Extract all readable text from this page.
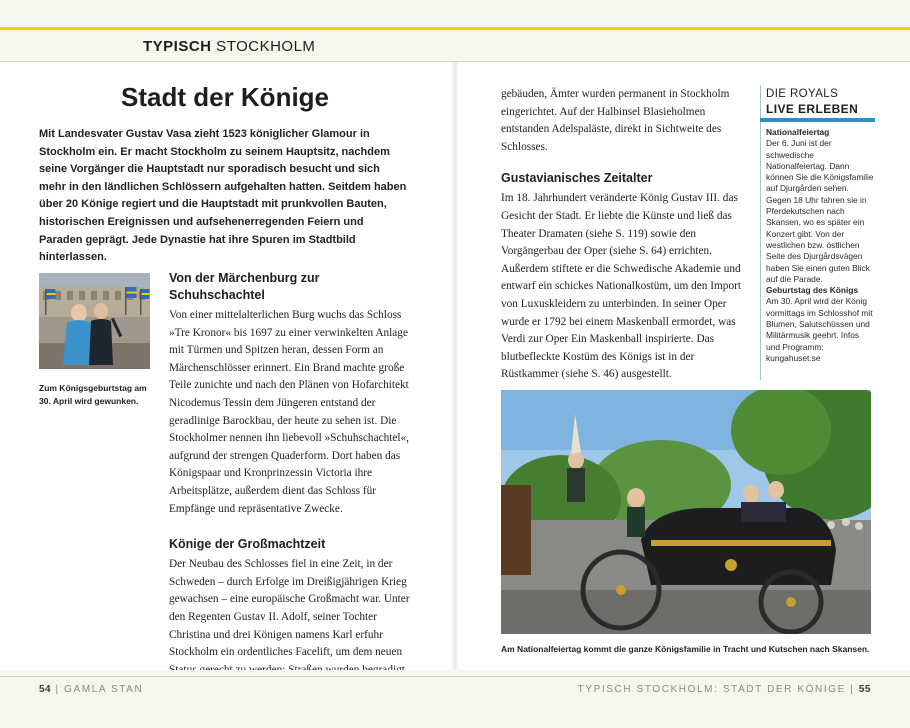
TYPISCH STOCKHOLM
Stadt der Könige

Mit Landesvater Gustav Vasa zieht 1523 königlicher Glamour in Stockholm ein. Er macht Stockholm zu seinem Hauptsitz, nachdem seine Vorgänger die Hauptstadt nur sporadisch besucht und sich mehr in den ländlichen Schlössern aufgehalten hatten. Seitdem haben über 20 Könige regiert und die Hauptstadt mit prunkvollen Bauten, historischen Ereignissen und aufsehenerregenden Feiern und Paraden geprägt. Jede Dynastie hat ihre Spuren im Stadtbild hinterlassen.

Zum Königsgeburtstag am 30. April wird gewunken.

Von der Märchenburg zur Schuhschachtel

Von einer mittelalterlichen Burg wuchs das Schloss »Tre Kronor« bis 1697 zu einer verwinkelten Anlage mit Türmen und Spitzen heran, dessen Form an Märchenschlösser erinnert. Ein Brand machte große Teile zunichte und nach den Plänen von Hofarchitekt Nicodemus Tessin dem Jüngeren entstand der geradlinige Barockbau, der heute zu sehen ist. Die Stockholmer nennen ihn liebevoll »Schuhschachtel«, aufgrund der strengen Quaderform. Dort haben das Königspaar und Kronprinzessin Victoria ihre Arbeitsplätze, außerdem dient das Schloss für Empfänge und repräsentative Zwecke.

Könige der Großmachtzeit

Der Neubau des Schlosses fiel in eine Zeit, in der Schweden – durch Erfolge im Dreißigjährigen Krieg gewachsen – eine europäische Großmacht war. Unter den Regenten Gustav II. Adolf, seiner Tochter Christina und drei Königen namens Karl erfuhr Stockholm ein ordentliches Facelift, um dem neuen

gebäuden, Ämter wurden permanent in Stockholm eingerichtet. Auf der Halbinsel Blasieholmen entstanden Adelspaläste, direkt in Sichtweite des Schlosses.

Gustavianisches Zeitalter

Im 18. Jahrhundert veränderte König Gustav III. das Gesicht der Stadt. Er liebte die Künste und ließ das Theater Dramaten (siehe S. 119) sowie den Vorgängerbau der Oper (siehe S. 64) errichten. Außerdem stiftete er die Schwedische Akademie und entwarf ein schickes Nationalkostüm, um den Import von Luxuskleidern zu unterbinden. In seiner Oper wurde er 1792 bei einem Maskenball ermordet, was Verdi zur Oper Ein Maskenball inspirierte. Das blutbefleckte Kostüm des Königs ist in der Rüstkammer (siehe S. 46) ausgestellt.

DIE ROYALS
LIVE ERLEBEN
Nationalfeiertag

Der 6. Juni ist der schwedische Nationalfeiertag. Dann können Sie die Königsfamilie auf Djurgården sehen. Gegen 18 Uhr fahren sie in Pferdekutschen nach Skansen, wo es später ein Konzert gibt. Von der westlichen bzw. östlichen Seite des Djurgårdsvägen haben Sie einen guten Blick auf die Parade.

Geburtstag des Königs

Am 30. April wird der König vormittags im Schlosshof mit Blumen, Salutschüssen und Militärmusik geehrt. Infos und Programm: kungahuset.se

Am Nationalfeiertag kommt die ganze Königsfamilie in Tracht und Kutschen nach Skansen.

54 | GAMLA STAN	TYPISCH STOCKHOLM: STADT DER KÖNIGE | 55
